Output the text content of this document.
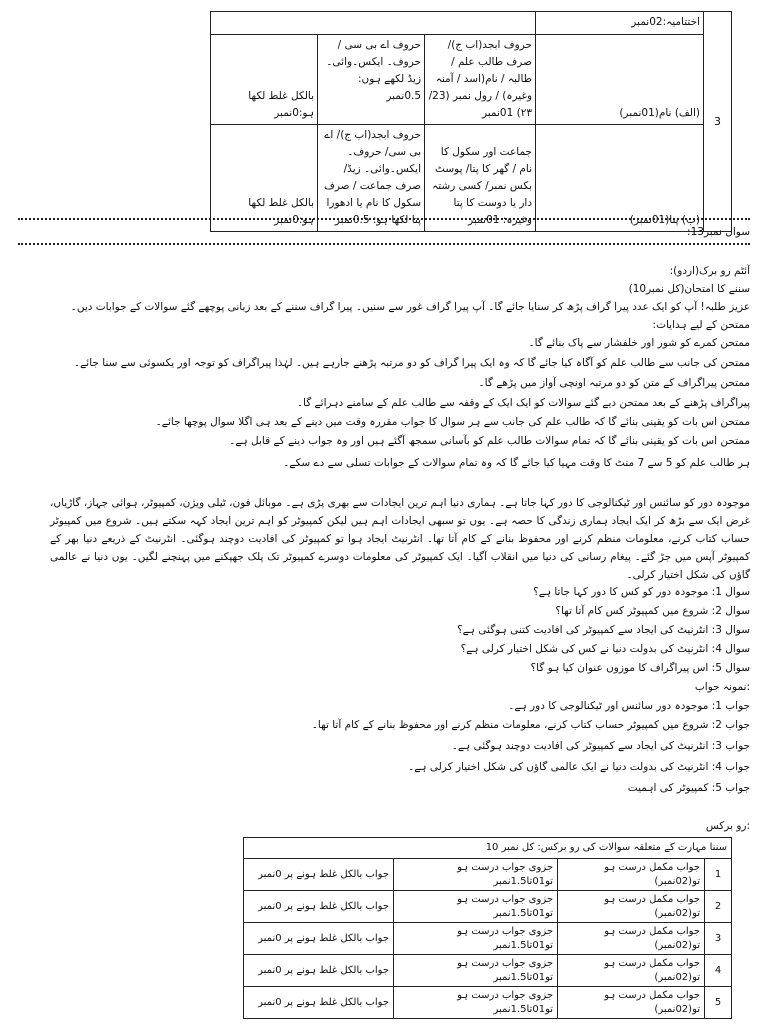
3	اختتامیہ:02نمبر			
	(الف) نام(01نمبر)	حروف ابجد(اب ج)/ صرف طالب علم / طالبہ / نام(اسد / آمنہ وغیرہ) / رول نمبر (23/ ۲۳) 01نمبر	حروف اے بی سی / حروف۔ ایکس۔وائی۔زیڈ لکھے ہوں: 0.5نمبر	بالکل غلط لکھا ہو:0نمبر
	(ب) پتا(01نمبر)	جماعت اور سکول کا نام / گھر کا پتا/ پوسٹ بکس نمبر/ کسی رشتہ دار یا دوست کا پتا وغیرہ: 01نمبر	حروف ابجد(اب ج)/ اے بی سی/ حروف۔ ایکس۔وائی۔ زیڈ/ صرف جماعت / صرف سکول کا نام یا ادھورا پتا لکھا ہو: 0.5نمبر	بالکل غلط لکھا ہو:0نمبر

سوال نمبر13:

آئٹم رو برک(اردو):

سننے کا امتحان(کل نمبر10)

عزیز طلبہ! آپ کو ایک عدد پیرا گراف پڑھ کر سنایا جائے گا۔ آپ پیرا گراف غور سے سنیں۔ پیرا گراف سننے کے بعد زبانی پوچھے گئے سوالات کے جوابات دیں۔

ممتحن کے لیے ہدایات:

ممتحن کمرے کو شور اور خلفشار سے پاک بنائے گا۔

ممتحن کی جانب سے طالب علم کو آگاہ کیا جائے گا کہ وہ ایک پیرا گراف کو دو مرتبہ پڑھنے جارہے ہیں۔ لہٰذا پیراگراف کو توجہ اور یکسوئی سے سنا جائے۔

ممتحن پیراگراف کے متن کو دو مرتبہ اونچی آواز میں پڑھے گا۔

پیراگراف پڑھنے کے بعد ممتحن دیے گئے سوالات کو ایک ایک کے وقفہ سے طالب علم کے سامنے دہرائے گا۔

ممتحن اس بات کو یقینی بنائے گا کہ طالب علم کی جانب سے ہر سوال کا جواب مقررہ وقت میں دینے کے بعد ہی اگلا سوال پوچھا جائے۔

ممتحن اس بات کو یقینی بنائے گا کہ تمام سوالات طالب علم کو بآسانی سمجھ آگئے ہیں اور وہ جواب دینے کے قابل ہے۔

ہر طالب علم کو 5 سے 7 منٹ کا وقت مہیا کیا جائے گا کہ وہ تمام سوالات کے جوابات تسلی سے دے سکے۔

موجودہ دور کو سائنس اور ٹیکنالوجی کا دور کہا جاتا ہے۔ ہماری دنیا اہم ترین ایجادات سے بھری پڑی ہے۔ موبائل فون، ٹیلی ویژن، کمپیوٹر، ہوائی جہاز، گاڑیاں، غرض ایک سے بڑھ کر ایک ایجاد ہماری زندگی کا حصہ ہے۔ یوں تو سبھی ایجادات اہم ہیں لیکن کمپیوٹر کو اہم ترین ایجاد کہہ سکتے ہیں۔ شروع میں کمپیوٹر حساب کتاب کرنے، معلومات منظم کرنے اور محفوظ بنانے کے کام آتا تھا۔ انٹرنیٹ ایجاد ہوا تو کمپیوٹر کی افادیت دوچند ہوگئی۔ انٹرنیٹ کے ذریعے دنیا بھر کے کمپیوٹر آپس میں جڑ گئے۔ پیغام رسانی کی دنیا میں انقلاب آگیا۔ ایک کمپیوٹر کی معلومات دوسرے کمپیوٹر تک پلک جھپکنے میں پہنچنے لگیں۔ یوں دنیا نے عالمی گاؤں کی شکل اختیار کرلی۔

سوال 1: موجودہ دور کو کس کا دور کہا جاتا ہے؟

سوال 2: شروع میں کمپیوٹر کس کام آتا تھا؟

سوال 3: انٹرنیٹ کی ایجاد سے کمپیوٹر کی افادیت کتنی ہوگئی ہے؟

سوال 4: انٹرنیٹ کی بدولت دنیا نے کس کی شکل اختیار کرلی ہے؟

سوال 5: اس پیراگراف کا موزوں عنوان کیا ہو گا؟

:نمونہ جواب

جواب 1: موجودہ دور سائنس اور ٹیکنالوجی کا دور ہے۔

جواب 2: شروع میں کمپیوٹر حساب کتاب کرنے، معلومات منظم کرنے اور محفوظ بنانے کے کام آتا تھا۔

جواب 3: انٹرنیٹ کی ایجاد سے کمپیوٹر کی افادیت دوچند ہوگئی ہے۔

جواب 4: انٹرنیٹ کی بدولت دنیا نے ایک عالمی گاؤں کی شکل اختیار کرلی ہے۔

جواب 5: کمپیوٹر کی اہمیت

:رو برکس

سننا مہارت کے متعلقہ سوالات کی رو برکس: کل نمبر 10			
1	جواب مکمل درست ہو تو(02نمبر)	جزوی جواب درست ہو تو01تا1.5نمبر	جواب بالکل غلط ہونے پر 0نمبر
2	جواب مکمل درست ہو تو(02نمبر)	جزوی جواب درست ہو تو01تا1.5نمبر	جواب بالکل غلط ہونے پر 0نمبر
3	جواب مکمل درست ہو تو(02نمبر)	جزوی جواب درست ہو تو01تا1.5نمبر	جواب بالکل غلط ہونے پر 0نمبر
4	جواب مکمل درست ہو تو(02نمبر)	جزوی جواب درست ہو تو01تا1.5نمبر	جواب بالکل غلط ہونے پر 0نمبر
5	جواب مکمل درست ہو تو(02نمبر)	جزوی جواب درست ہو تو01تا1.5نمبر	جواب بالکل غلط ہونے پر 0نمبر
